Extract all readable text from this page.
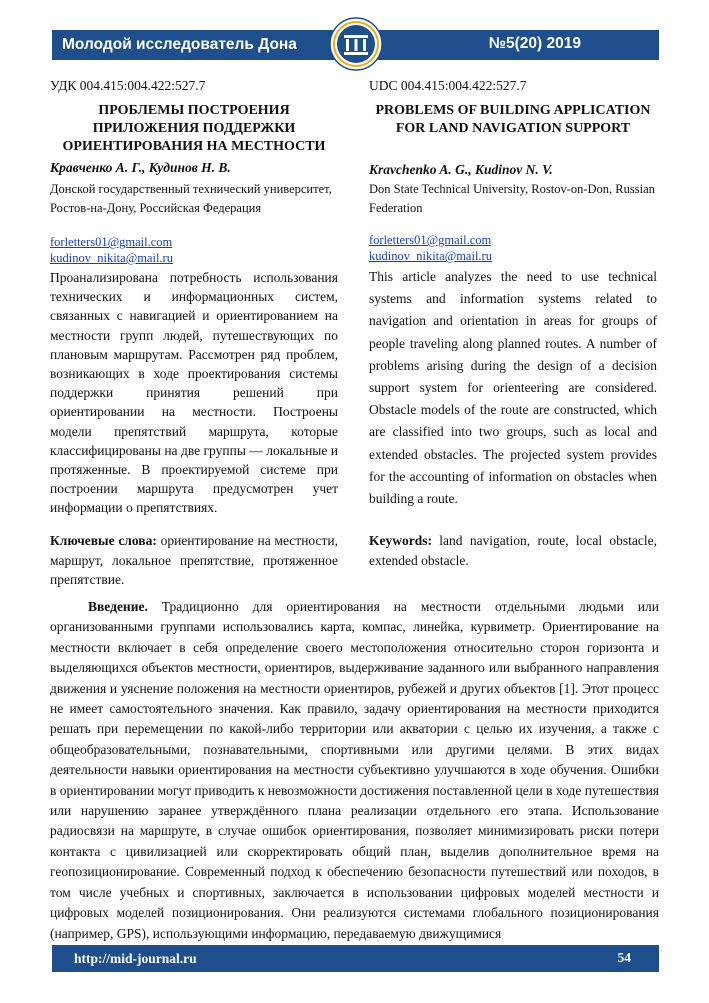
Молодой исследователь Дона	№5(20) 2019
УДК 004.415:004.422:527.7	UDC 004.415:004.422:527.7
ПРОБЛЕМЫ ПОСТРОЕНИЯ ПРИЛОЖЕНИЯ ПОДДЕРЖКИ ОРИЕНТИРОВАНИЯ НА МЕСТНОСТИ
PROBLEMS OF BUILDING APPLICATION FOR LAND NAVIGATION SUPPORT
Кравченко А. Г., Кудинов Н. В.	Kravchenko A. G., Kudinov N. V.
Донской государственный технический университет, Ростов-на-Дону, Российская Федерация
Don State Technical University, Rostov-on-Don, Russian Federation
forletters01@gmail.com
kudinov_nikita@mail.ru
forletters01@gmail.com
kudinov_nikita@mail.ru
Проанализирована потребность использования технических и информационных систем, связанных с навигацией и ориентированием на местности групп людей, путешествующих по плановым маршрутам. Рассмотрен ряд проблем, возникающих в ходе проектирования системы поддержки принятия решений при ориентировании на местности. Построены модели препятствий маршрута, которые классифицированы на две группы — локальные и протяженные. В проектируемой системе при построении маршрута предусмотрен учет информации о препятствиях.
This article analyzes the need to use technical systems and information systems related to navigation and orientation in areas for groups of people traveling along planned routes. A number of problems arising during the design of a decision support system for orienteering are considered. Obstacle models of the route are constructed, which are classified into two groups, such as local and extended obstacles. The projected system provides for the accounting of information on obstacles when building a route.
Ключевые слова: ориентирование на местности, маршрут, локальное препятствие, протяженное препятствие.
Keywords: land navigation, route, local obstacle, extended obstacle.

Введение. Традиционно для ориентирования на местности отдельными людьми или организованными группами использовались карта, компас, линейка, курвиметр. Ориентирование на местности включает в себя определение своего местоположения относительно сторон горизонта и выделяющихся объектов местности, ориентиров, выдерживание заданного или выбранного направления движения и уяснение положения на местности ориентиров, рубежей и других объектов [1]. Этот процесс не имеет самостоятельного значения. Как правило, задачу ориентирования на местности приходится решать при перемещении по какой-либо территории или акватории с целью их изучения, а также с общеобразовательными, познавательными, спортивными или другими целями. В этих видах деятельности навыки ориентирования на местности субъективно улучшаются в ходе обучения. Ошибки в ориентировании могут приводить к невозможности достижения поставленной цели в ходе путешествия или нарушению заранее утверждённого плана реализации отдельного его этапа. Использование радиосвязи на маршруте, в случае ошибок ориентирования, позволяет минимизировать риски потери контакта с цивилизацией или скорректировать общий план, выделив дополнительное время на геопозиционирование. Современный подход к обеспечению безопасности путешествий или походов, в том числе учебных и спортивных, заключается в использовании цифровых моделей местности и цифровых моделей позиционирования. Они реализуются системами глобального позиционирования (например, GPS), использующими информацию, передаваемую движущимися

http://mid-journal.ru	54
